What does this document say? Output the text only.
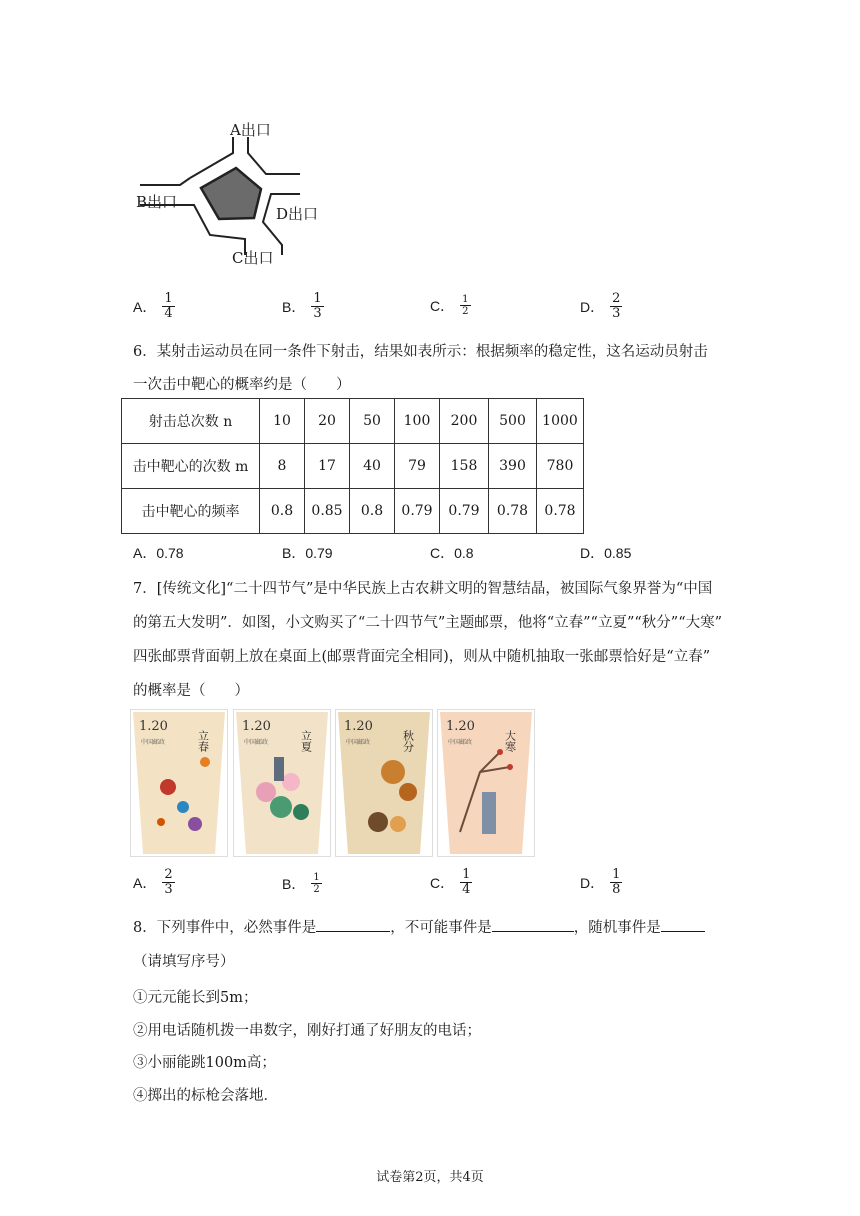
A出口
B出口
D出口
C出口
A． $\frac{1}{4}$	B． $\frac{1}{3}$	C． $\frac{1}{2}$	D． $\frac{2}{3}$
6．某射击运动员在同一条件下射击，结果如表所示：根据频率的稳定性，这名运动员射击
一次击中靶心的概率约是（　　）
射击总次数 n	10	20	50	100	200	500	1000
击中靶心的次数 m	8	17	40	79	158	390	780
击中靶心的频率	0.8	0.85	0.8	0.79	0.79	0.78	0.78
A．0.78	B．0.79	C．0.8	D．0.85
7．[传统文化]“二十四节气”是中华民族上古农耕文明的智慧结晶，被国际气象界誉为“中国
的第五大发明”．如图，小文购买了“二十四节气”主题邮票，他将“立春”“立夏”“秋分”“大寒”
四张邮票背面朝上放在桌面上(邮票背面完全相同)，则从中随机抽取一张邮票恰好是“立春”
的概率是（　　）
1.20
立春
中国邮政
1.20
立夏
中国邮政
1.20
秋分
中国邮政
1.20
大寒
中国邮政
A． $\frac{2}{3}$	B． $\frac{1}{2}$	C． $\frac{1}{4}$	D． $\frac{1}{8}$
8．下列事件中，必然事件是	，不可能事件是	，随机事件是
（请填写序号）
①元元能长到5m；
②用电话随机拨一串数字，刚好打通了好朋友的电话；
③小丽能跳100m高；
④掷出的标枪会落地．
试卷第2页，共4页
